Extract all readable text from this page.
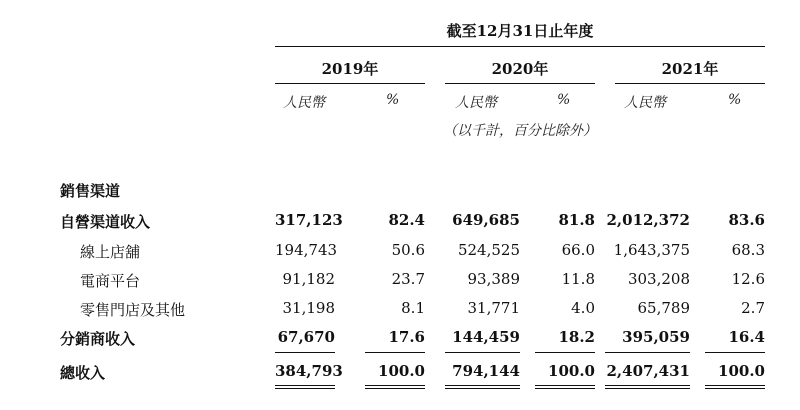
截至12月31日止年度
2019年	2020年	2021年
人民幣	%	人民幣	%	人民幣	%
（以千計，百分比除外）
銷售渠道
自營渠道收入	317,123	82.4	649,685	81.8 2,012,372	83.6
線上店舖	194,743	50.6	524,525	66.0	1,643,375	68.3
電商平台	91,182	23.7	93,389	11.8	303,208	12.6
零售門店及其他	31,198	8.1	31,771	4.0	65,789	2.7
分銷商收入	67,670	17.6	144,459	18.2	395,059	16.4
總收入	384,793	100.0	794,144	100.0 2,407,431	100.0
